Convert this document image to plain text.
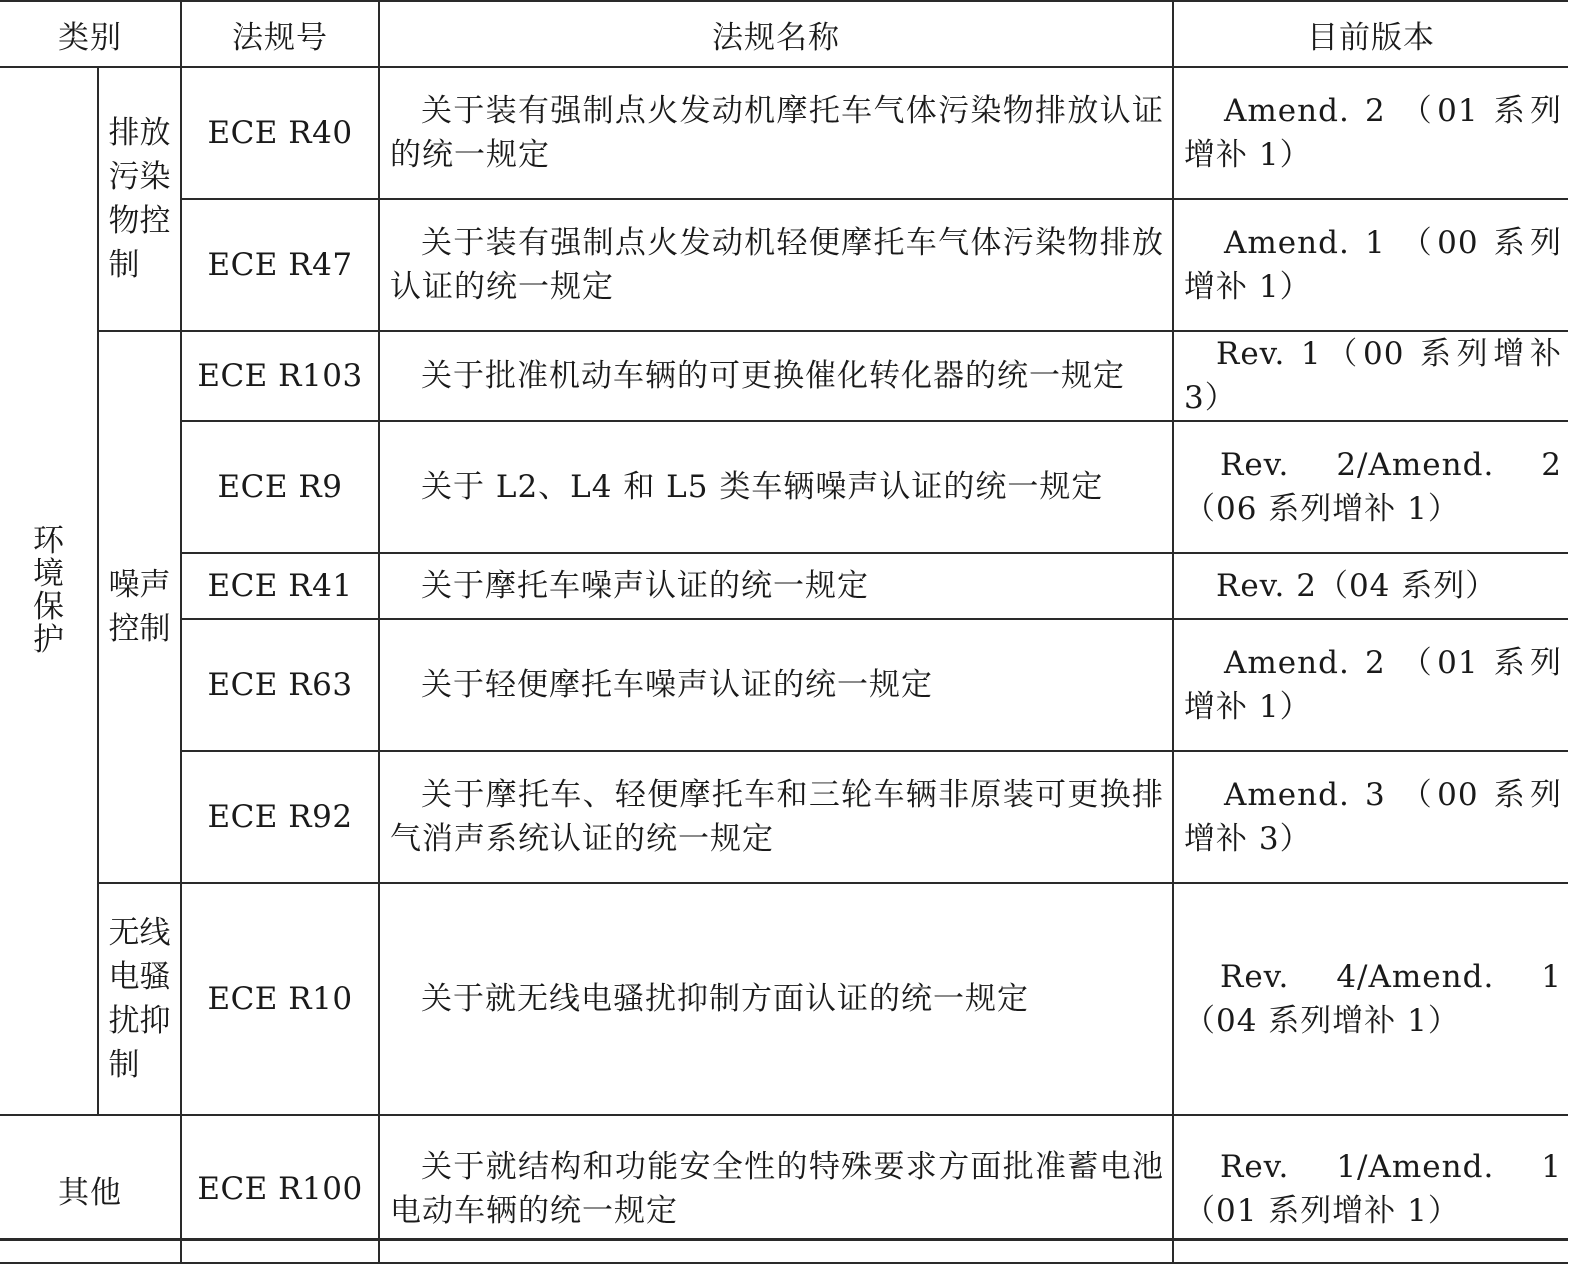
类别		法规号	法规名称	目前版本

环境保护	排放污染物控制	ECE R40	关于装有强制点火发动机摩托车气体污染物排放认证的统一规定	Amend. 2 （01 系列增补 1）
		ECE R47	关于装有强制点火发动机轻便摩托车气体污染物排放认证的统一规定	Amend. 1 （00 系列增补 1）

	噪声控制	ECE R103	关于批准机动车辆的可更换催化转化器的统一规定	Rev. 1（00 系列增补 3）
		ECE R9	关于 L2、L4 和 L5 类车辆噪声认证的统一规定	Rev. 2/Amend. 2 （06 系列增补 1）
		ECE R41	关于摩托车噪声认证的统一规定	Rev. 2（04 系列）
		ECE R63	关于轻便摩托车噪声认证的统一规定	Amend. 2 （01 系列增补 1）
		ECE R92	关于摩托车、轻便摩托车和三轮车辆非原装可更换排气消声系统认证的统一规定	Amend. 3 （00 系列增补 3）

	无线电骚扰抑制	ECE R10	关于就无线电骚扰抑制方面认证的统一规定	Rev. 4/Amend. 1 （04 系列增补 1）
其他		ECE R100	关于就结构和功能安全性的特殊要求方面批准蓄电池电动车辆的统一规定	Rev. 1/Amend. 1 （01 系列增补 1）
